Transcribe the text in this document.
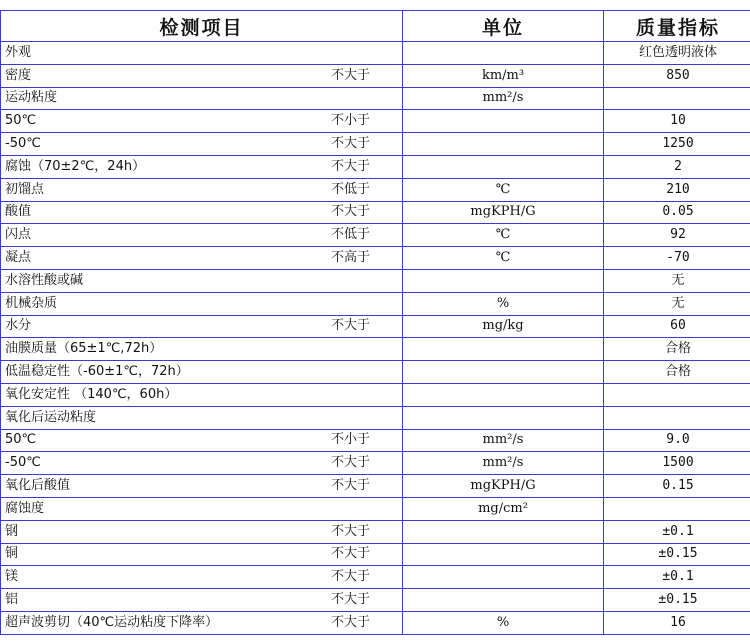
检测项目	单位	质量指标

外观		红色透明液体

密度 不大于	km/m³	850

运动粘度	mm²/s	

50℃ 不小于		10

-50℃ 不大于		1250

腐蚀（70±2℃，24h） 不大于		2

初馏点 不低于	℃	210

酸值 不大于	mgKPH/G	0.05

闪点 不低于	℃	92

凝点 不高于	℃	-70

水溶性酸或碱		无

机械杂质	%	无

水分 不大于	mg/kg	60

油膜质量（65±1℃,72h）		合格

低温稳定性（-60±1℃，72h）		合格

氧化安定性 （140℃，60h）		

氧化后运动粘度		

50℃ 不小于	mm²/s	9.0

-50℃ 不大于	mm²/s	1500

氧化后酸值 不大于	mgKPH/G	0.15

腐蚀度	mg/cm²	

钢 不大于		±0.1

铜 不大于		±0.15

镁 不大于		±0.1

铝 不大于		±0.15

超声波剪切（40℃运动粘度下降率） 不大于	%	16
